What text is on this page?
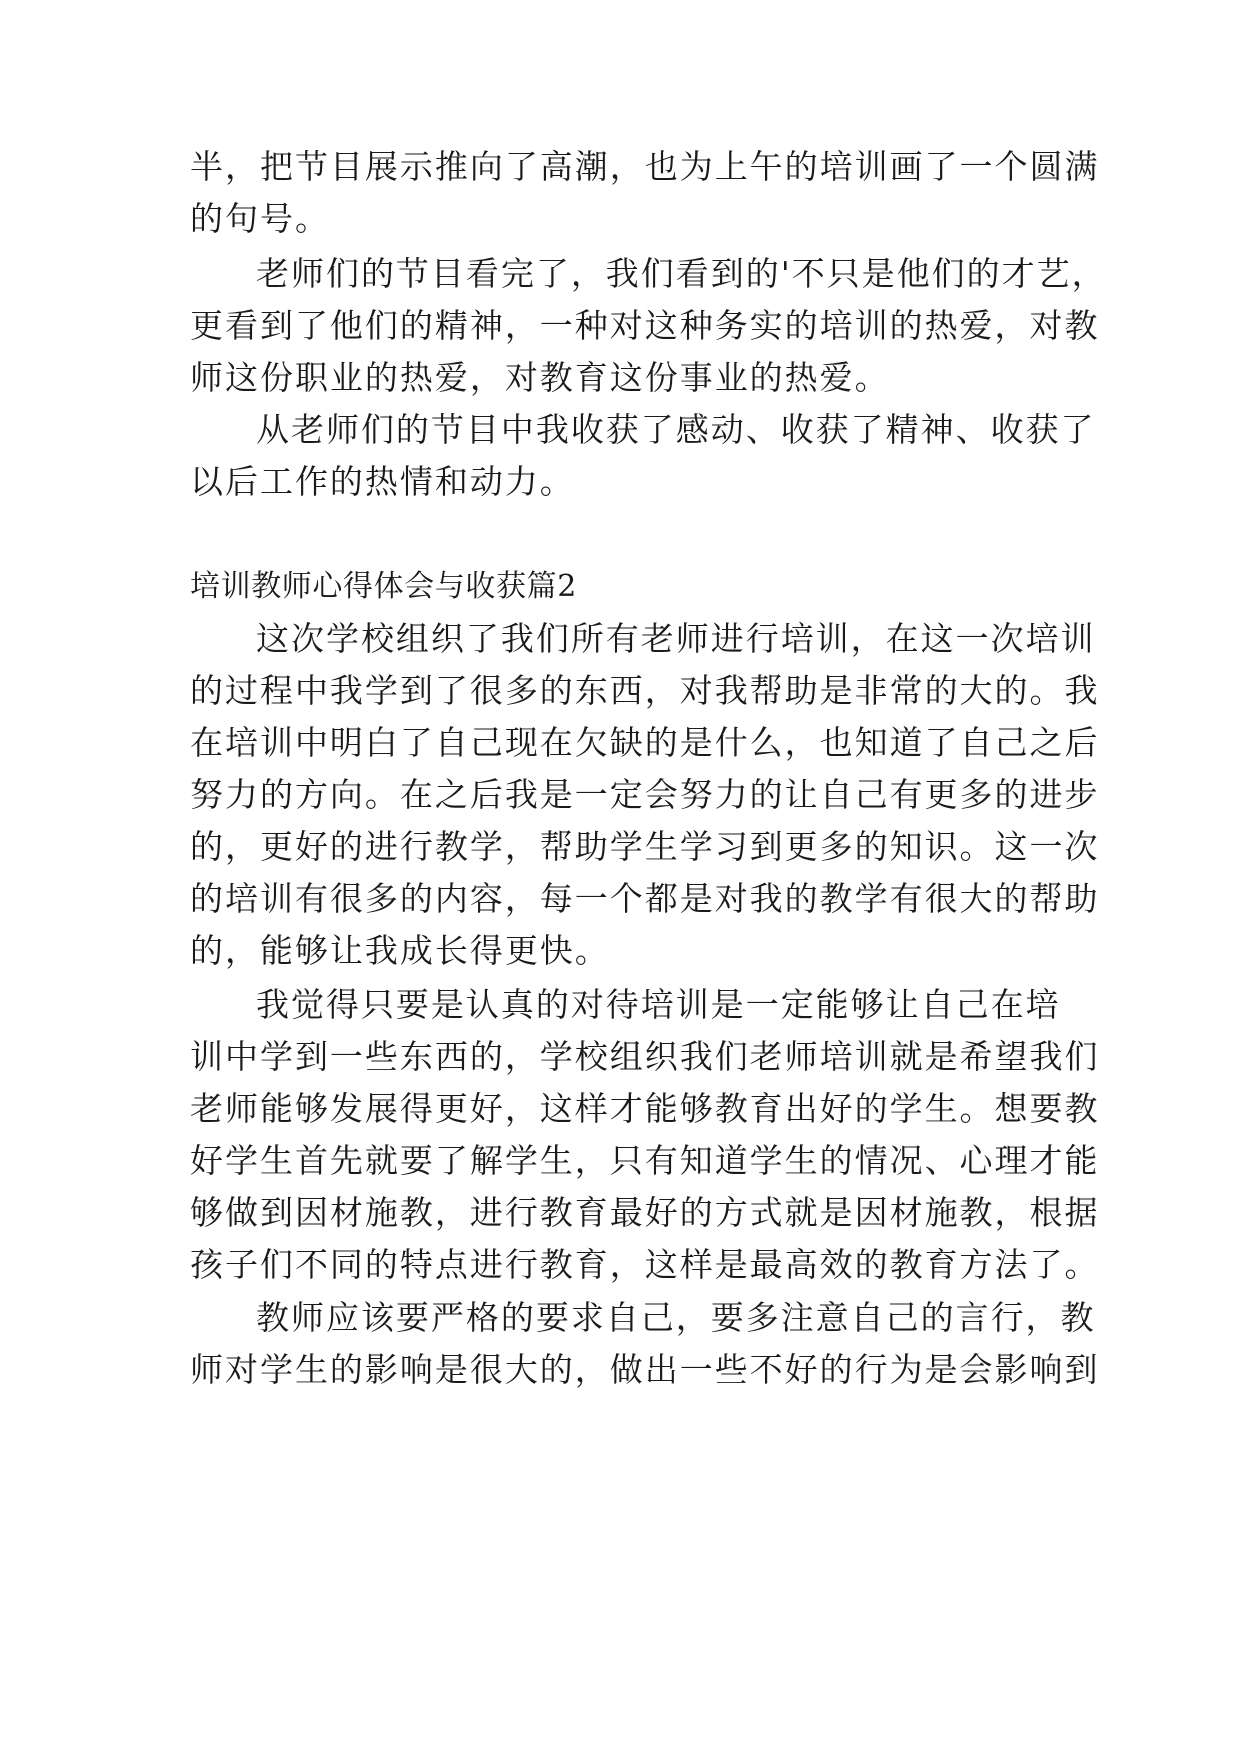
半，把节目展示推向了高潮，也为上午的培训画了一个圆满
的句号。
老师们的节目看完了，我们看到的'不只是他们的才艺，
更看到了他们的精神，一种对这种务实的培训的热爱，对教
师这份职业的热爱，对教育这份事业的热爱。
从老师们的节目中我收获了感动、收获了精神、收获了
以后工作的热情和动力。
培训教师心得体会与收获篇2
这次学校组织了我们所有老师进行培训，在这一次培训
的过程中我学到了很多的东西，对我帮助是非常的大的。我
在培训中明白了自己现在欠缺的是什么，也知道了自己之后
努力的方向。在之后我是一定会努力的让自己有更多的进步
的，更好的进行教学，帮助学生学习到更多的知识。这一次
的培训有很多的内容，每一个都是对我的教学有很大的帮助
的，能够让我成长得更快。
我觉得只要是认真的对待培训是一定能够让自己在培
训中学到一些东西的，学校组织我们老师培训就是希望我们
老师能够发展得更好，这样才能够教育出好的学生。想要教
好学生首先就要了解学生，只有知道学生的情况、心理才能
够做到因材施教，进行教育最好的方式就是因材施教，根据
孩子们不同的特点进行教育，这样是最高效的教育方法了。
教师应该要严格的要求自己，要多注意自己的言行，教
师对学生的影响是很大的，做出一些不好的行为是会影响到
